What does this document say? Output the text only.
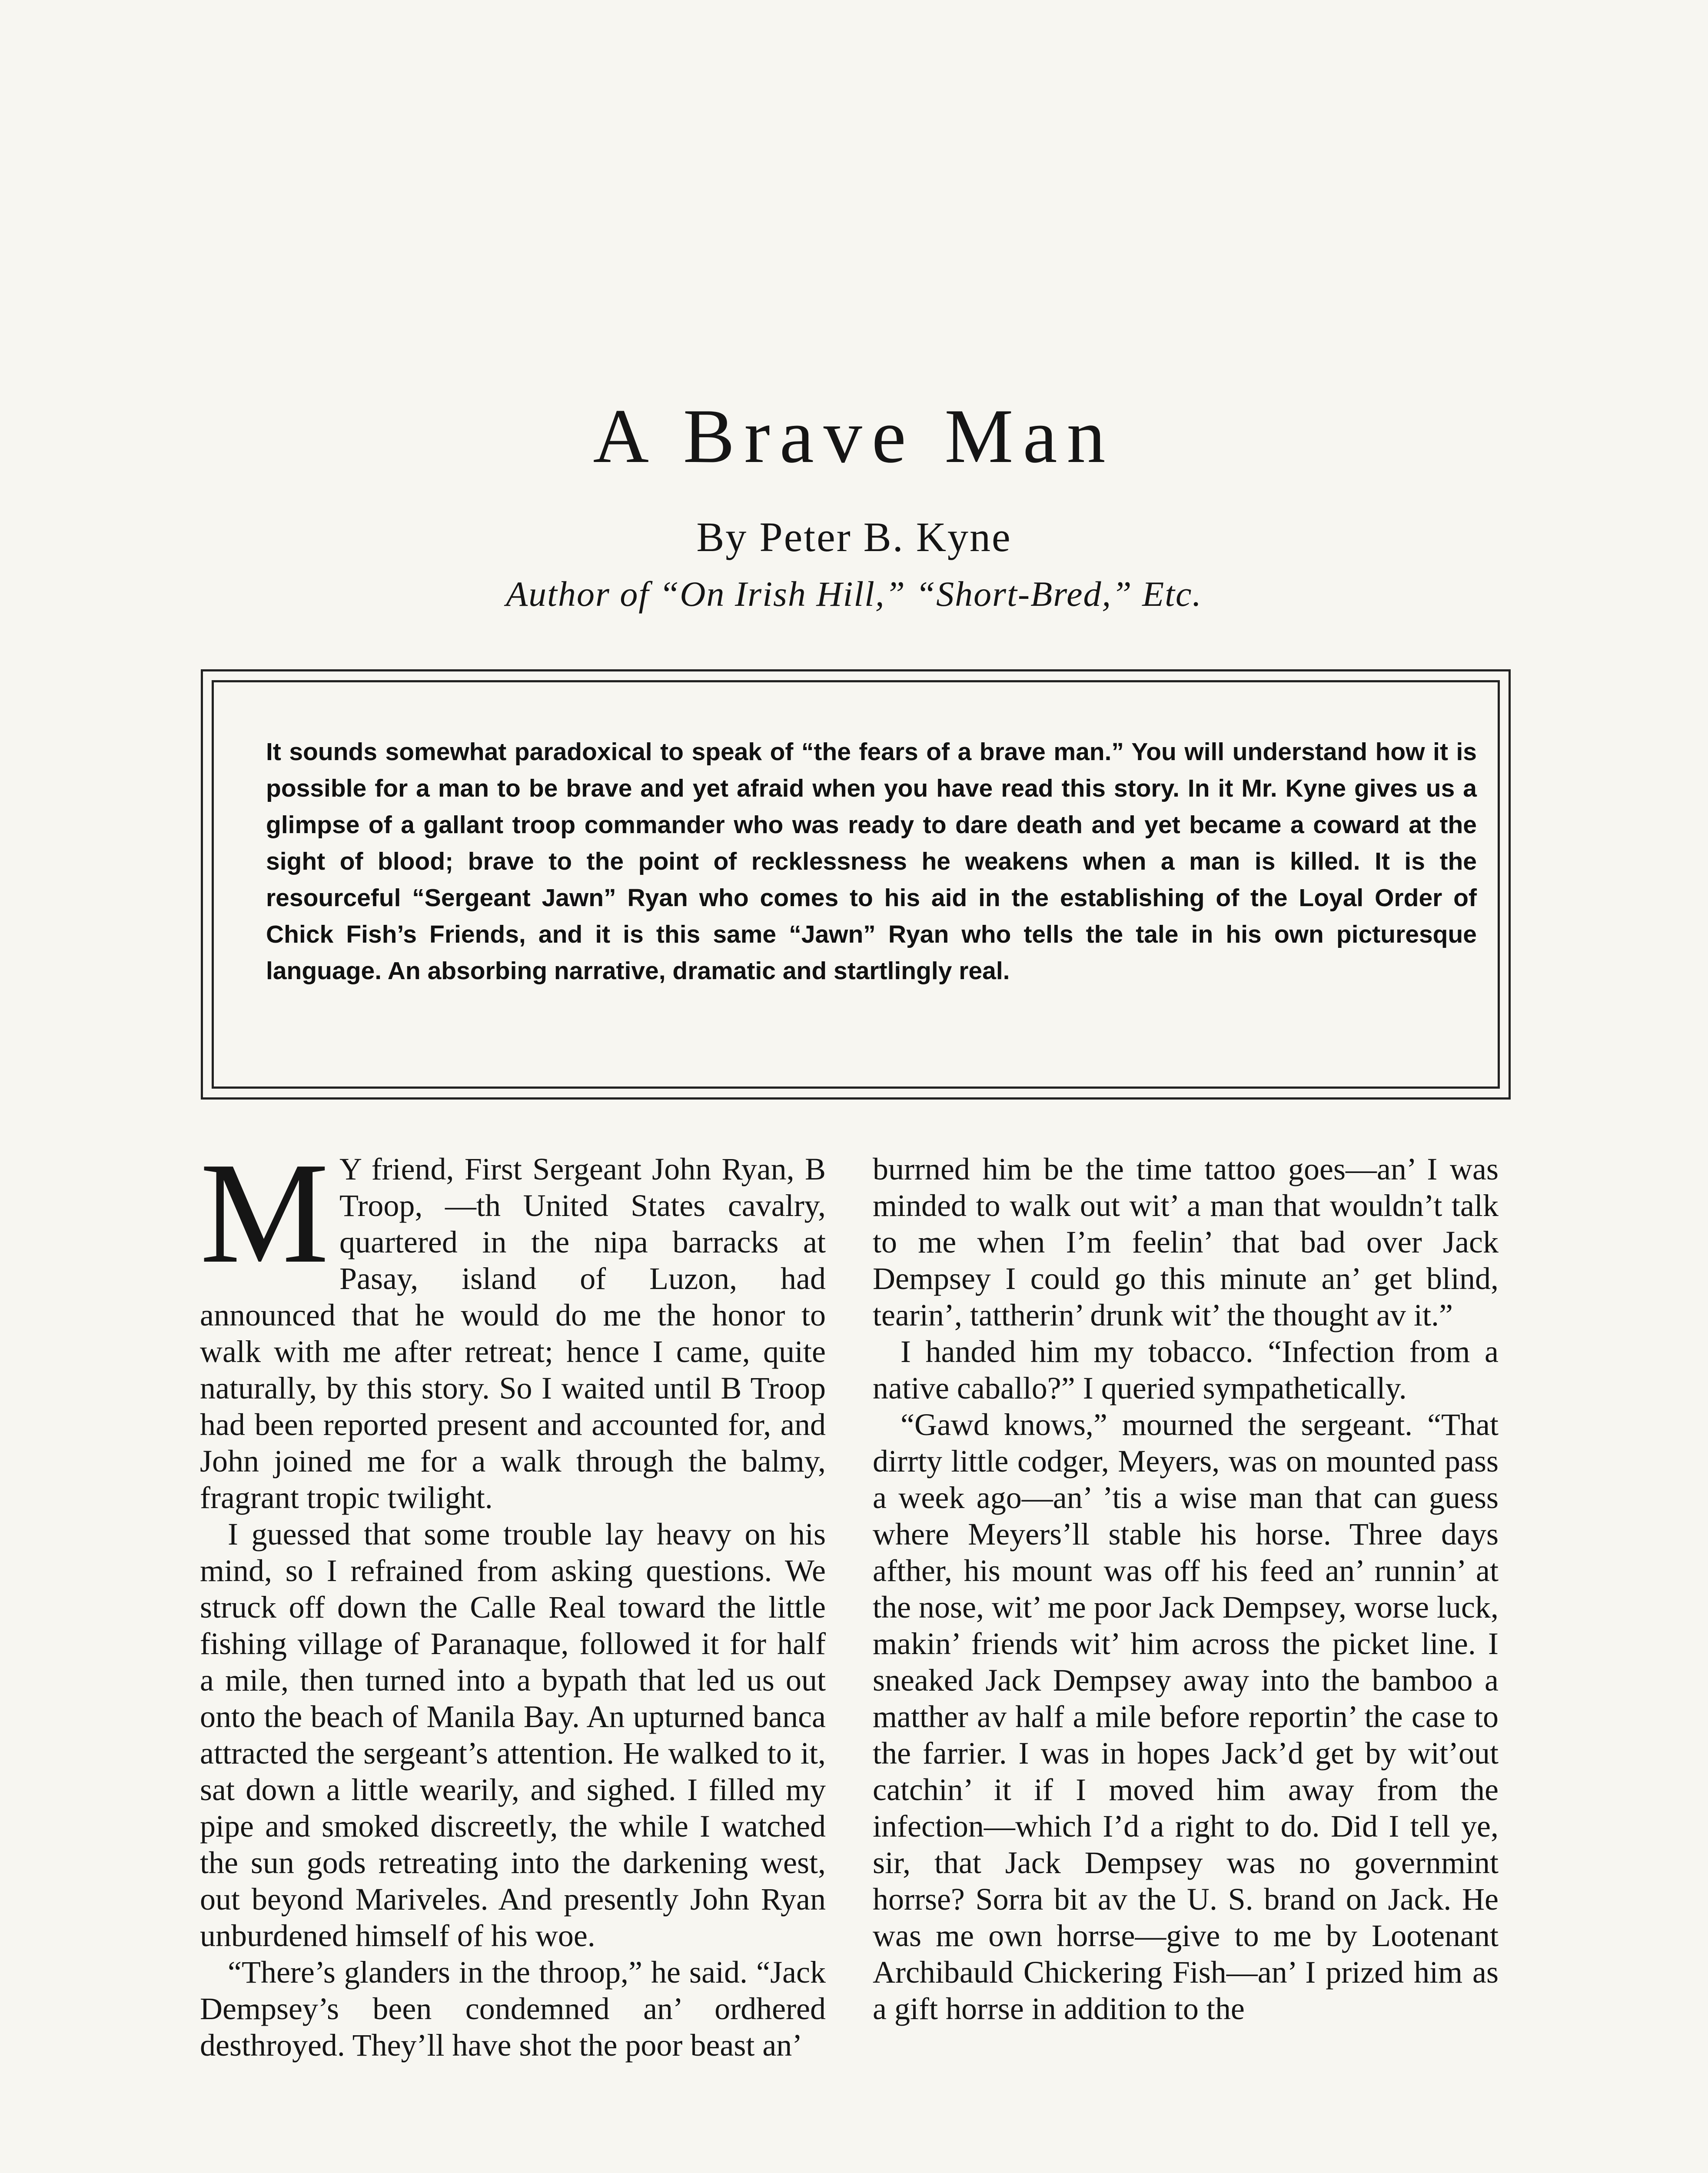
A Brave Man
By Peter B. Kyne
Author of “On Irish Hill,” “Short-Bred,” Etc.

It sounds somewhat paradoxical to speak of “the fears of a brave man.” You will understand how it is possible for a man to be brave and yet afraid when you have read this story. In it Mr. Kyne gives us a glimpse of a gallant troop commander who was ready to dare death and yet became a coward at the sight of blood; brave to the point of recklessness he weakens when a man is killed. It is the resourceful “Sergeant Jawn” Ryan who comes to his aid in the establishing of the Loyal Order of Chick Fish’s Friends, and it is this same “Jawn” Ryan who tells the tale in his own picturesque language. An absorbing narrative, dramatic and startlingly real.

M Y friend, First Sergeant John Ryan, B Troop, —th United States cavalry, quartered in the nipa barracks at Pasay, island of Luzon, had announced that he would do me the honor to walk with me after retreat; hence I came, quite naturally, by this story. So I waited until B Troop had been reported present and accounted for, and John joined me for a walk through the balmy, fragrant tropic twilight.

I guessed that some trouble lay heavy on his mind, so I refrained from asking questions. We struck off down the Calle Real toward the little fishing village of Paranaque, followed it for half a mile, then turned into a bypath that led us out onto the beach of Manila Bay. An upturned banca attracted the sergeant’s attention. He walked to it, sat down a little wearily, and sighed. I filled my pipe and smoked discreetly, the while I watched the sun gods retreating into the darkening west, out beyond Mariveles. And presently John Ryan unburdened himself of his woe.

“There’s glanders in the throop,” he said. “Jack Dempsey’s been condemned an’ ordhered desthroyed. They’ll have shot the poor beast an’

burrned him be the time tattoo goes—an’ I was minded to walk out wit’ a man that wouldn’t talk to me when I’m feelin’ that bad over Jack Dempsey I could go this minute an’ get blind, tearin’, tattherin’ drunk wit’ the thought av it.”

I handed him my tobacco. “Infection from a native caballo?” I queried sympathetically.

“Gawd knows,” mourned the sergeant. “That dirrty little codger, Meyers, was on mounted pass a week ago—an’ ’tis a wise man that can guess where Meyers’ll stable his horse. Three days afther, his mount was off his feed an’ runnin’ at the nose, wit’ me poor Jack Dempsey, worse luck, makin’ friends wit’ him across the picket line. I sneaked Jack Dempsey away into the bamboo a matther av half a mile before reportin’ the case to the farrier. I was in hopes Jack’d get by wit’out catchin’ it if I moved him away from the infection—which I’d a right to do. Did I tell ye, sir, that Jack Dempsey was no governmint horrse? Sorra bit av the U. S. brand on Jack. He was me own horrse—give to me by Lootenant Archibauld Chickering Fish—an’ I prized him as a gift horrse in addition to the
